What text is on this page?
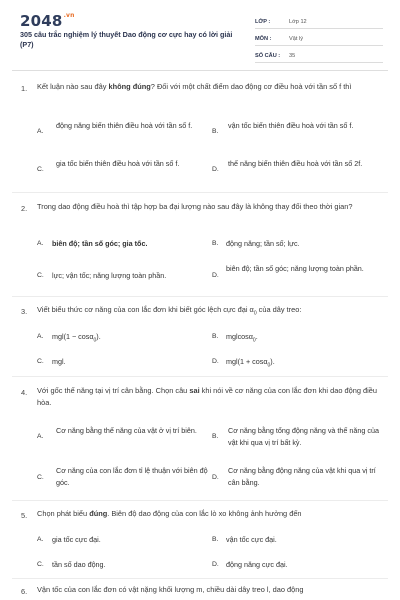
$2048^{.vn}$
305 câu trắc nghiệm lý thuyết Dao động cơ cực hay có lời giải (P7)
LỚP :	Lớp 12
MÔN :	Vật lý
SỐ CÂU :	35
1. Kết luận nào sau đây không đúng? Đối với một chất điểm dao động cơ điều hoà với tần số f thì
A.
động năng biến thiên điều hoà với tần số f.
B.
vận tốc biến thiên điều hoà với tần số f.
C.
gia tốc biến thiên điều hoà với tần số f.
D.
thế năng biến thiên điều hoà với tần số 2f.
2. Trong dao động điều hoà thì tập hợp ba đại lượng nào sau đây là không thay đổi theo thời gian?
A. biên độ; tần số góc; gia tốc.	B. động năng; tần số; lực.
C. lực; vận tốc; năng lượng toàn phần.	D.
biên độ; tần số góc; năng lượng toàn phần.
3. Viết biểu thức cơ năng của con lắc đơn khi biết góc lệch cực đại $\alpha_0$ của dây treo:
A. mgl(1 − cosα$_0$).	B. mglcosα$_0$.
C. mgl.	D. mgl(1 + cosα$_0$).
4. Với gốc thế năng tại vị trí cân bằng. Chọn câu sai khi nói về cơ năng của con lắc đơn khi dao động điều hòa.
A.
Cơ năng bằng thế năng của vật ở vị trí biên.
B.
Cơ năng bằng tổng động năng và thế năng của vật khi qua vị trí bất kỳ.
C.
Cơ năng của con lắc đơn tỉ lệ thuận với biên độ góc.
D.
Cơ năng bằng động năng của vật khi qua vị trí cân bằng.
5. Chọn phát biểu đúng. Biên độ dao động của con lắc lò xo không ảnh hưởng đến
A. gia tốc cực đại.	B. vận tốc cực đại.
C. tần số dao động.	D. động năng cực đại.
6. Vận tốc của con lắc đơn có vật nặng khối lượng m, chiều dài dây treo l, dao động
